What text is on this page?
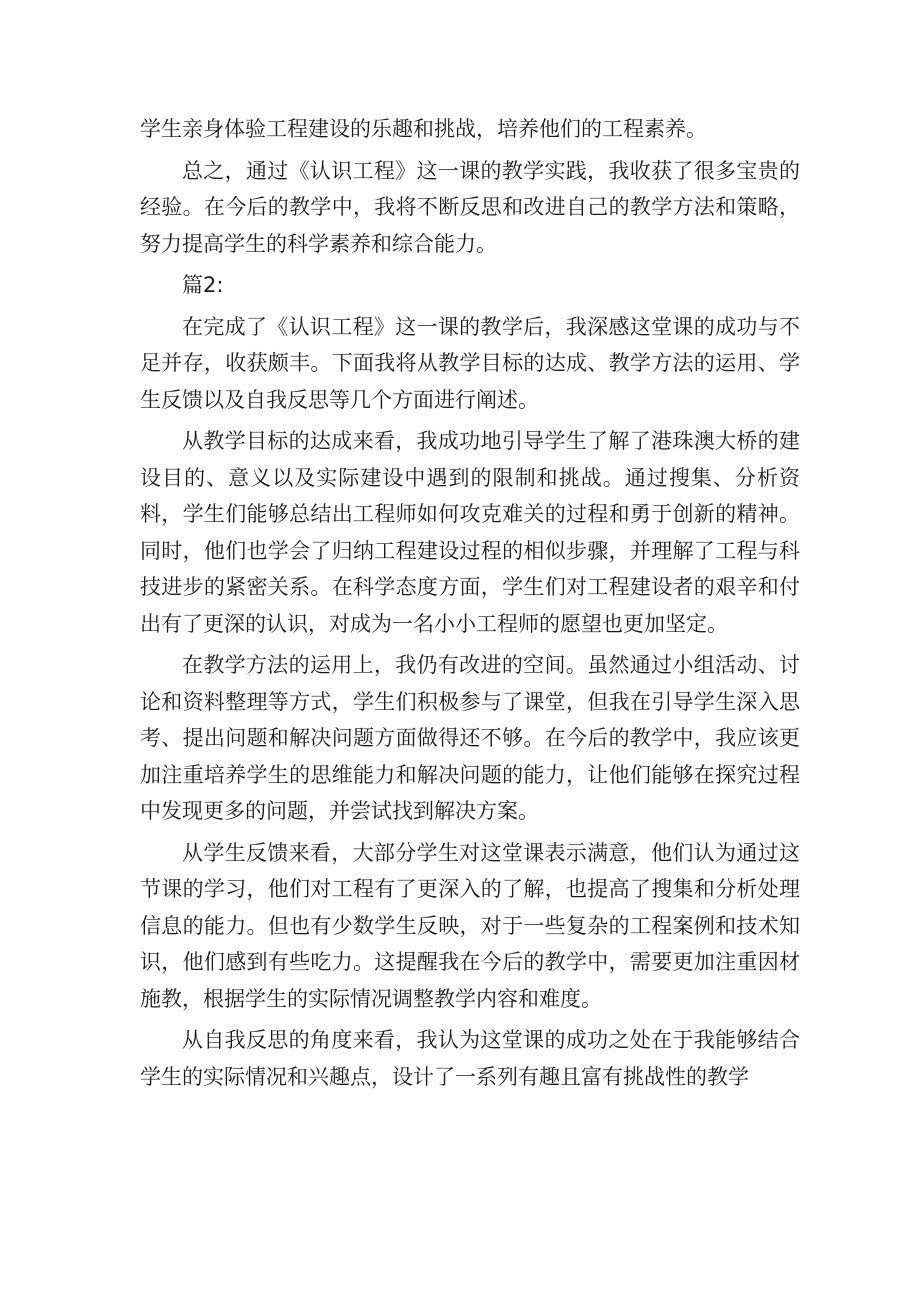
学生亲身体验工程建设的乐趣和挑战，培养他们的工程素养。

总之，通过《认识工程》这一课的教学实践，我收获了很多宝贵的经验。在今后的教学中，我将不断反思和改进自己的教学方法和策略，努力提高学生的科学素养和综合能力。

篇2:

在完成了《认识工程》这一课的教学后，我深感这堂课的成功与不足并存，收获颇丰。下面我将从教学目标的达成、教学方法的运用、学生反馈以及自我反思等几个方面进行阐述。

从教学目标的达成来看，我成功地引导学生了解了港珠澳大桥的建设目的、意义以及实际建设中遇到的限制和挑战。通过搜集、分析资料，学生们能够总结出工程师如何攻克难关的过程和勇于创新的精神。同时，他们也学会了归纳工程建设过程的相似步骤，并理解了工程与科技进步的紧密关系。在科学态度方面，学生们对工程建设者的艰辛和付出有了更深的认识，对成为一名小小工程师的愿望也更加坚定。

在教学方法的运用上，我仍有改进的空间。虽然通过小组活动、讨论和资料整理等方式，学生们积极参与了课堂，但我在引导学生深入思考、提出问题和解决问题方面做得还不够。在今后的教学中，我应该更加注重培养学生的思维能力和解决问题的能力，让他们能够在探究过程中发现更多的问题，并尝试找到解决方案。

从学生反馈来看，大部分学生对这堂课表示满意，他们认为通过这节课的学习，他们对工程有了更深入的了解，也提高了搜集和分析处理信息的能力。但也有少数学生反映，对于一些复杂的工程案例和技术知识，他们感到有些吃力。这提醒我在今后的教学中，需要更加注重因材施教，根据学生的实际情况调整教学内容和难度。

从自我反思的角度来看，我认为这堂课的成功之处在于我能够结合学生的实际情况和兴趣点，设计了一系列有趣且富有挑战性的教学
